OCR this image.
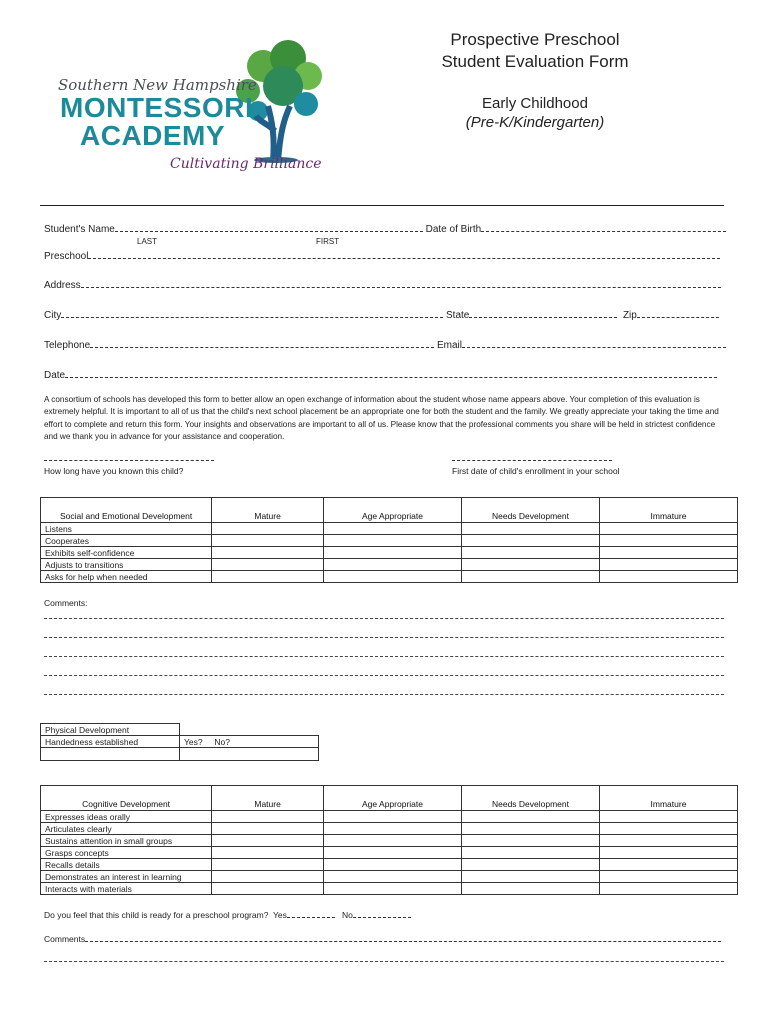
Southern New Hampshire
MONTESSORI
ACADEMY
Cultivating Brilliance
Prospective Preschool
Student Evaluation Form
Early Childhood
(Pre-K/Kindergarten)
Student's Name	Date of Birth
LAST	FIRST
Preschool
Address
City	State	Zip
Telephone	Email
Date
A consortium of schools has developed this form to better allow an open exchange of information about the student whose name appears above. Your completion of this evaluation is extremely helpful. It is important to all of us that the child's next school placement be an appropriate one for both the student and the family. We greatly appreciate your taking the time and effort to complete and return this form. Your insights and observations are important to all of us. Please know that the professional comments you share will be held in strictest confidence and we thank you in advance for your assistance and cooperation.
How long have you known this child?	First date of child's enrollment in your school
Social and Emotional Development	Mature	Age Appropriate	Needs Development	Immature
Listens				
Cooperates				
Exhibits self-confidence				
Adjusts to transitions				
Asks for help when needed				
Comments:
Physical Development	
Handedness established	Yes? No?

Cognitive Development	Mature	Age Appropriate	Needs Development	Immature
Expresses ideas orally				
Articulates clearly				
Sustains attention in small groups				
Grasps concepts				
Recalls details				
Demonstrates an interest in learning				
Interacts with materials				
Do you feel that this child is ready for a preschool program? Yes	No
Comments
